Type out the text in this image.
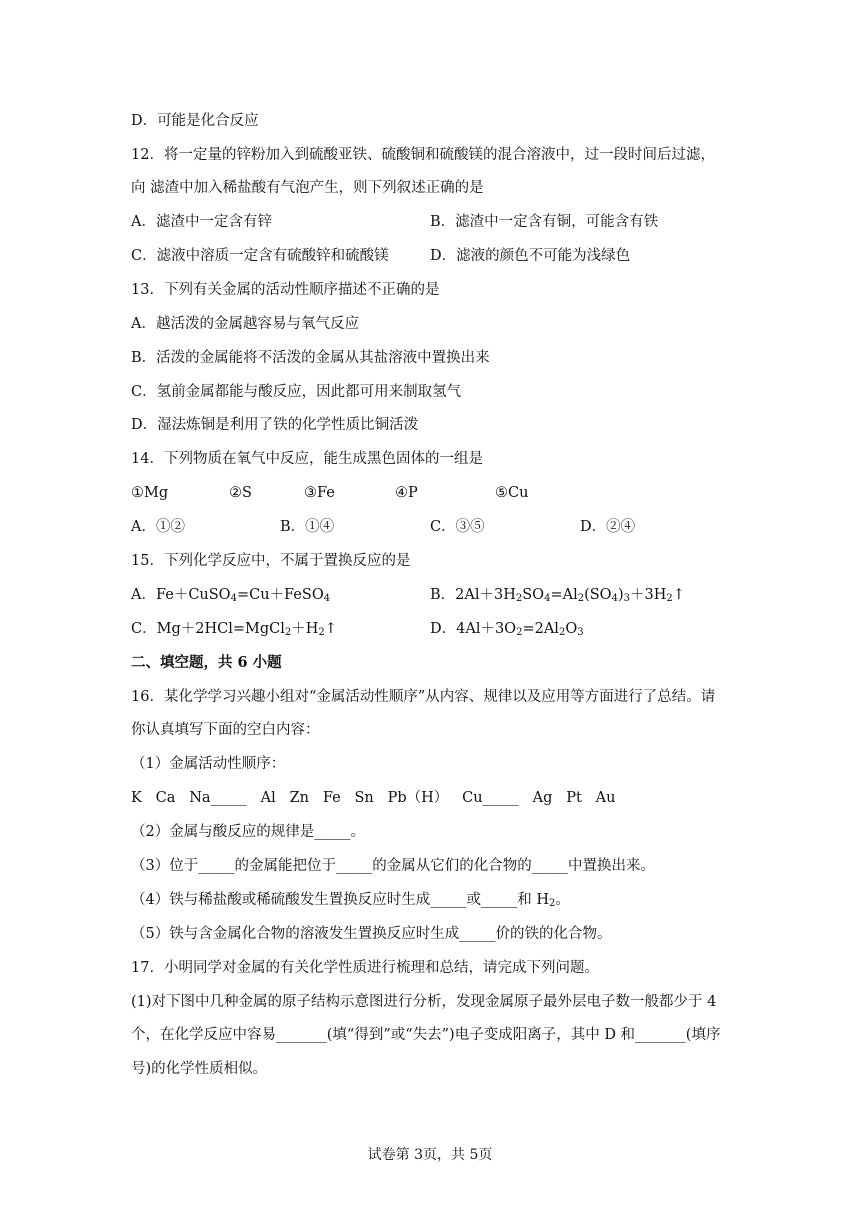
D．可能是化合反应
12．将一定量的锌粉加入到硫酸亚铁、硫酸铜和硫酸镁的混合溶液中，过一段时间后过滤，
向 滤渣中加入稀盐酸有气泡产生，则下列叙述正确的是
A．滤渣中一定含有锌	B．滤渣中一定含有铜，可能含有铁
C．滤液中溶质一定含有硫酸锌和硫酸镁	D．滤液的颜色不可能为浅绿色
13．下列有关金属的活动性顺序描述不正确的是
A．越活泼的金属越容易与氧气反应
B．活泼的金属能将不活泼的金属从其盐溶液中置换出来
C．氢前金属都能与酸反应，因此都可用来制取氢气
D．湿法炼铜是利用了铁的化学性质比铜活泼
14．下列物质在氧气中反应，能生成黑色固体的一组是
①Mg	②S	③Fe	④P	⑤Cu
A．①②	B．①④	C．③⑤	D．②④
15．下列化学反应中，不属于置换反应的是
A．Fe＋CuSO$_4$=Cu＋FeSO$_4$	B．$2Al+3H_2SO_4=Al_2(SO_4)_3+3H_2↑$
C．$Mg+2HCl=MgCl_2+H_2↑$	D．$4Al+3O_2=2Al_2O_3$
二、填空题，共 6 小题
16．某化学学习兴趣小组对“金属活动性顺序”从内容、规律以及应用等方面进行了总结。请
你认真填写下面的空白内容：
（1）金属活动性顺序：
K   Ca   Na_____   Al   Zn   Fe   Sn   Pb（H）   Cu_____   Ag   Pt   Au
（2）金属与酸反应的规律是_____。
（3）位于_____的金属能把位于_____的金属从它们的化合物的_____中置换出来。
（4）铁与稀盐酸或稀硫酸发生置换反应时生成_____或_____和 $H_2$。
（5）铁与含金属化合物的溶液发生置换反应时生成_____价的铁的化合物。
17．小明同学对金属的有关化学性质进行梳理和总结，请完成下列问题。
(1)对下图中几种金属的原子结构示意图进行分析，发现金属原子最外层电子数一般都少于 4
个，在化学反应中容易_______(填“得到”或“失去”)电子变成阳离子，其中 D 和_______(填序
号)的化学性质相似。
试卷第 3页，共 5页
